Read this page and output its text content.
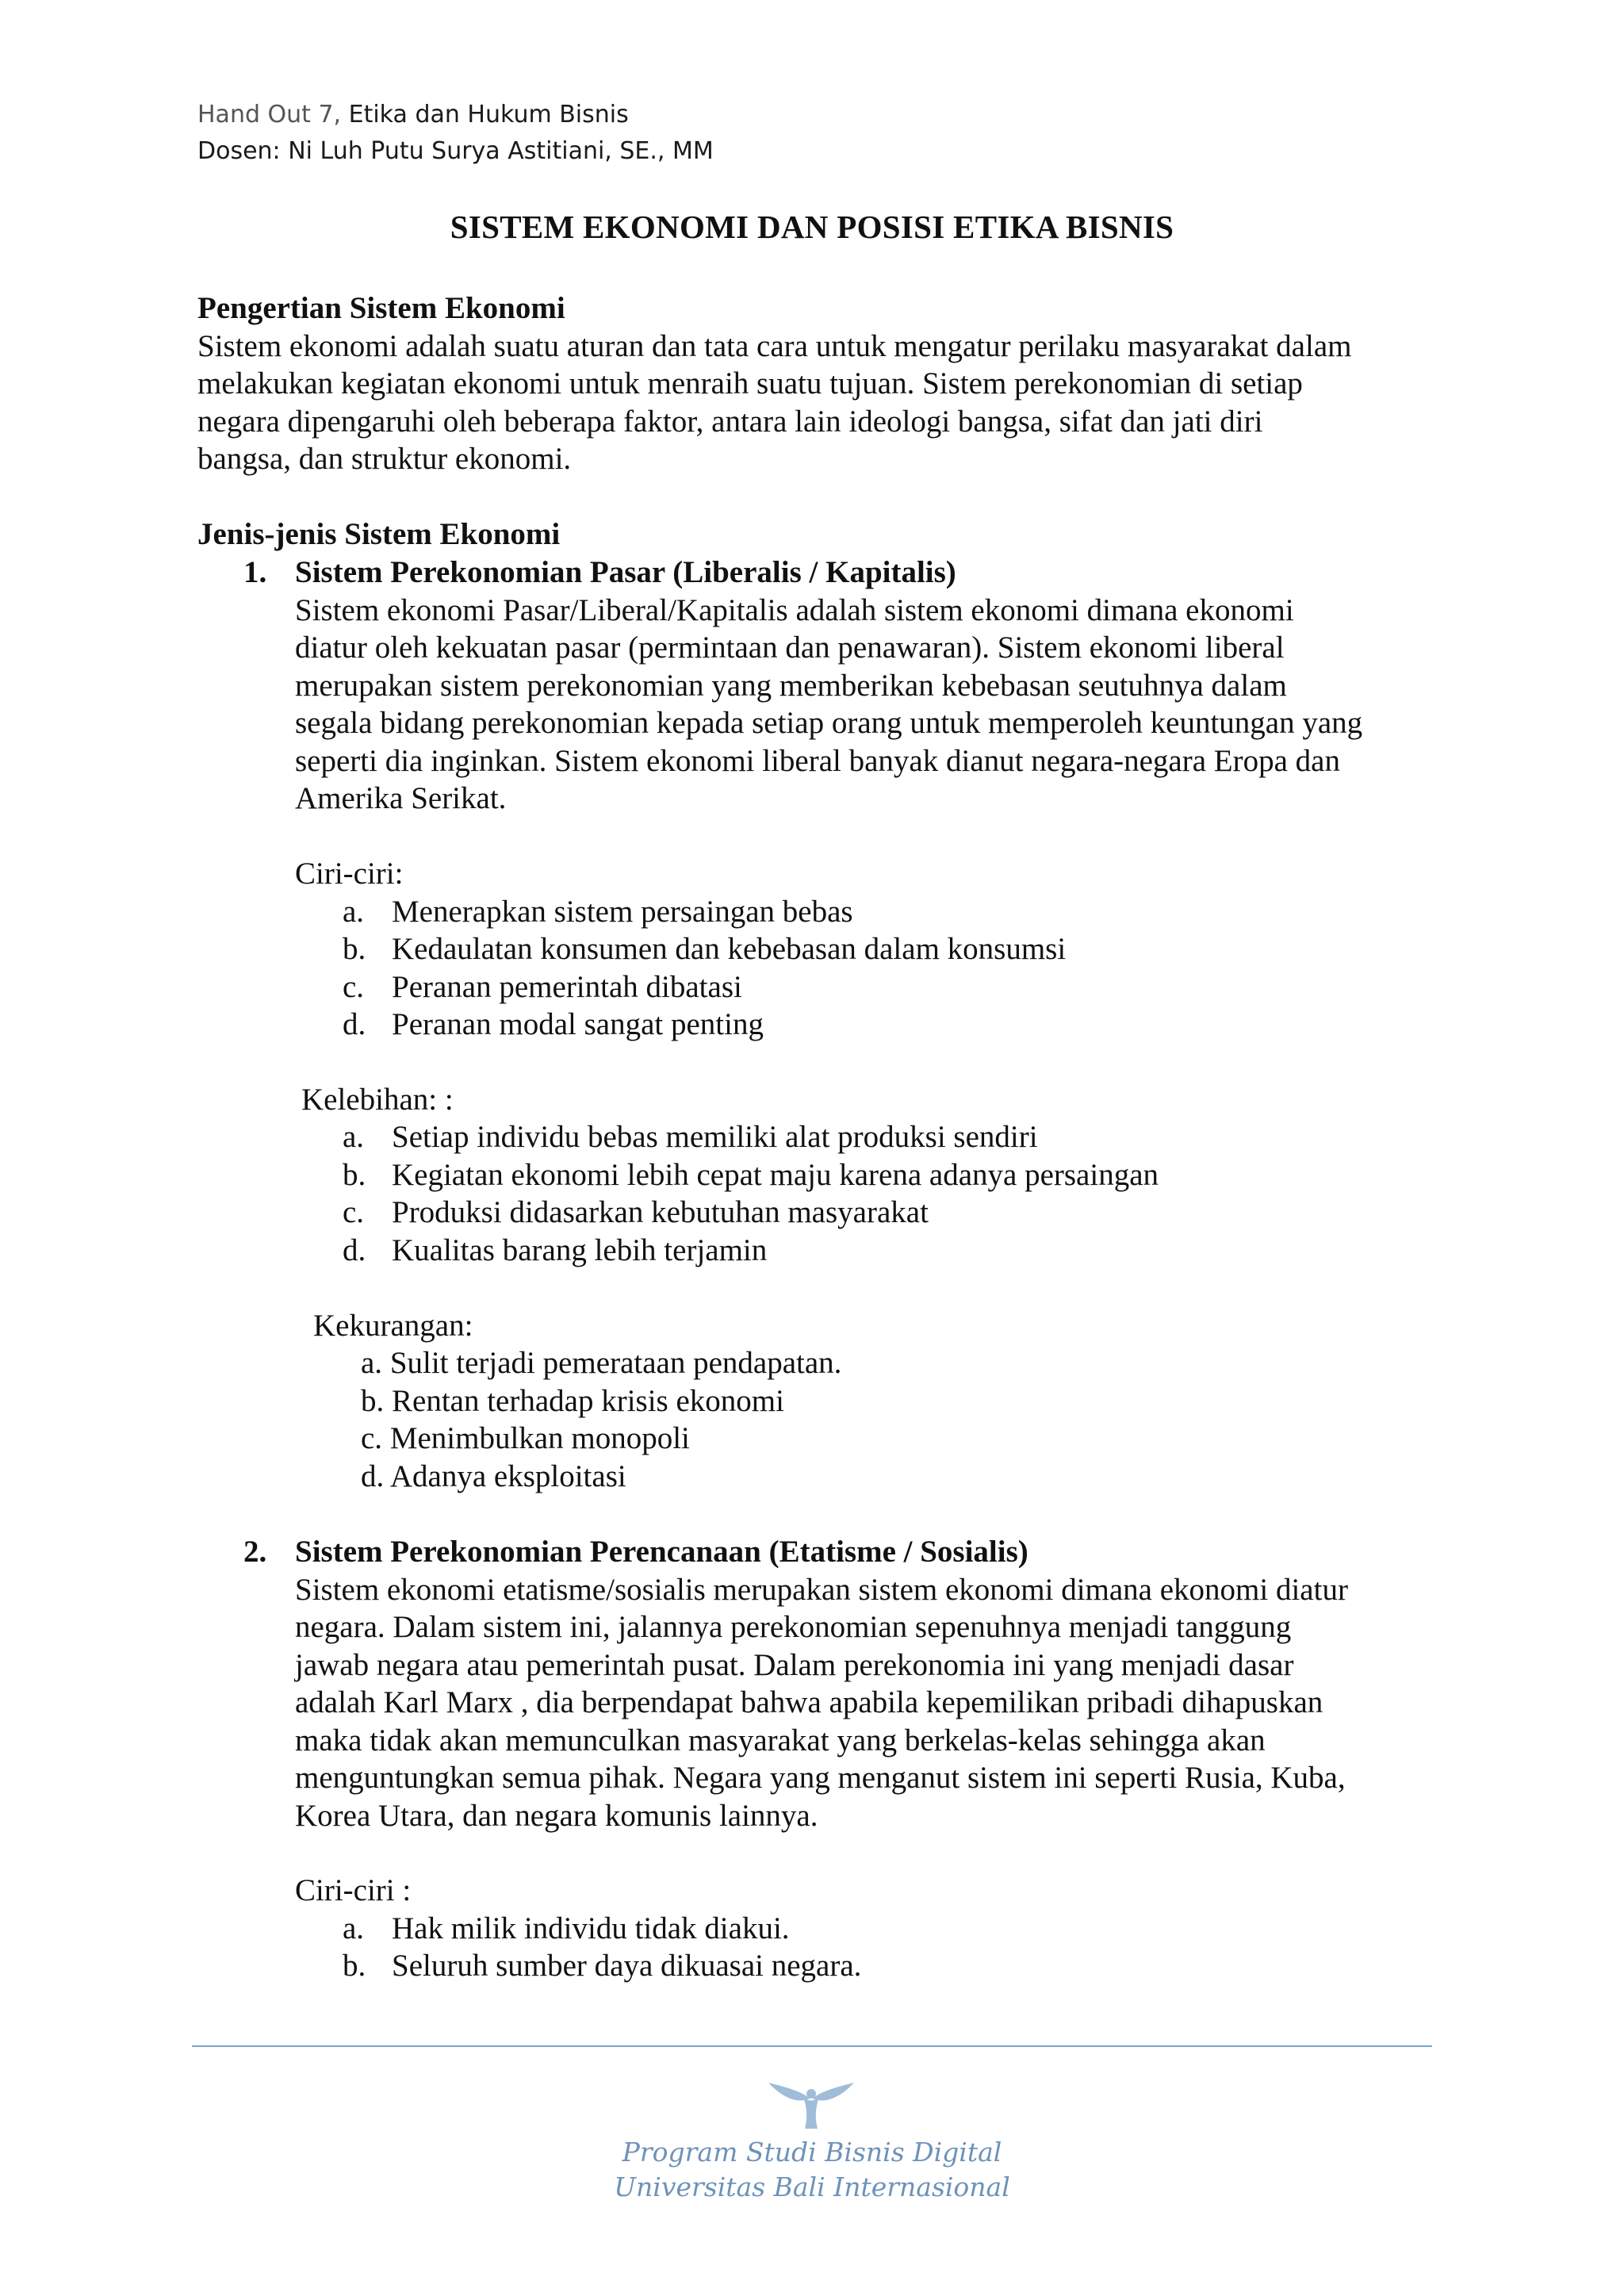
Hand Out 7, Etika dan Hukum Bisnis
Dosen: Ni Luh Putu Surya Astitiani, SE., MM
SISTEM EKONOMI DAN POSISI ETIKA BISNIS
Pengertian Sistem Ekonomi
Sistem ekonomi adalah suatu aturan dan tata cara untuk mengatur perilaku masyarakat dalam
melakukan kegiatan ekonomi untuk menraih suatu tujuan. Sistem perekonomian di setiap
negara dipengaruhi oleh beberapa faktor, antara lain ideologi bangsa, sifat dan jati diri
bangsa, dan struktur ekonomi.
Jenis-jenis Sistem Ekonomi
1. Sistem Perekonomian Pasar (Liberalis / Kapitalis)
Sistem ekonomi Pasar/Liberal/Kapitalis adalah sistem ekonomi dimana ekonomi
diatur oleh kekuatan pasar (permintaan dan penawaran). Sistem ekonomi liberal
merupakan sistem perekonomian yang memberikan kebebasan seutuhnya dalam
segala bidang perekonomian kepada setiap orang untuk memperoleh keuntungan yang
seperti dia inginkan. Sistem ekonomi liberal banyak dianut negara-negara Eropa dan
Amerika Serikat.
Ciri-ciri:
a. Menerapkan sistem persaingan bebas
b. Kedaulatan konsumen dan kebebasan dalam konsumsi
c. Peranan pemerintah dibatasi
d. Peranan modal sangat penting
Kelebihan: :
a. Setiap individu bebas memiliki alat produksi sendiri
b. Kegiatan ekonomi lebih cepat maju karena adanya persaingan
c. Produksi didasarkan kebutuhan masyarakat
d. Kualitas barang lebih terjamin
Kekurangan:
a. Sulit terjadi pemerataan pendapatan.
b. Rentan terhadap krisis ekonomi
c. Menimbulkan monopoli
d. Adanya eksploitasi
2. Sistem Perekonomian Perencanaan (Etatisme / Sosialis)
Sistem ekonomi etatisme/sosialis merupakan sistem ekonomi dimana ekonomi diatur
negara. Dalam sistem ini, jalannya perekonomian sepenuhnya menjadi tanggung
jawab negara atau pemerintah pusat. Dalam perekonomia ini yang menjadi dasar
adalah Karl Marx , dia berpendapat bahwa apabila kepemilikan pribadi dihapuskan
maka tidak akan memunculkan masyarakat yang berkelas-kelas sehingga akan
menguntungkan semua pihak. Negara yang menganut sistem ini seperti Rusia, Kuba,
Korea Utara, dan negara komunis lainnya.
Ciri-ciri :
a. Hak milik individu tidak diakui.
b. Seluruh sumber daya dikuasai negara.
Program Studi Bisnis Digital
Universitas Bali Internasional
